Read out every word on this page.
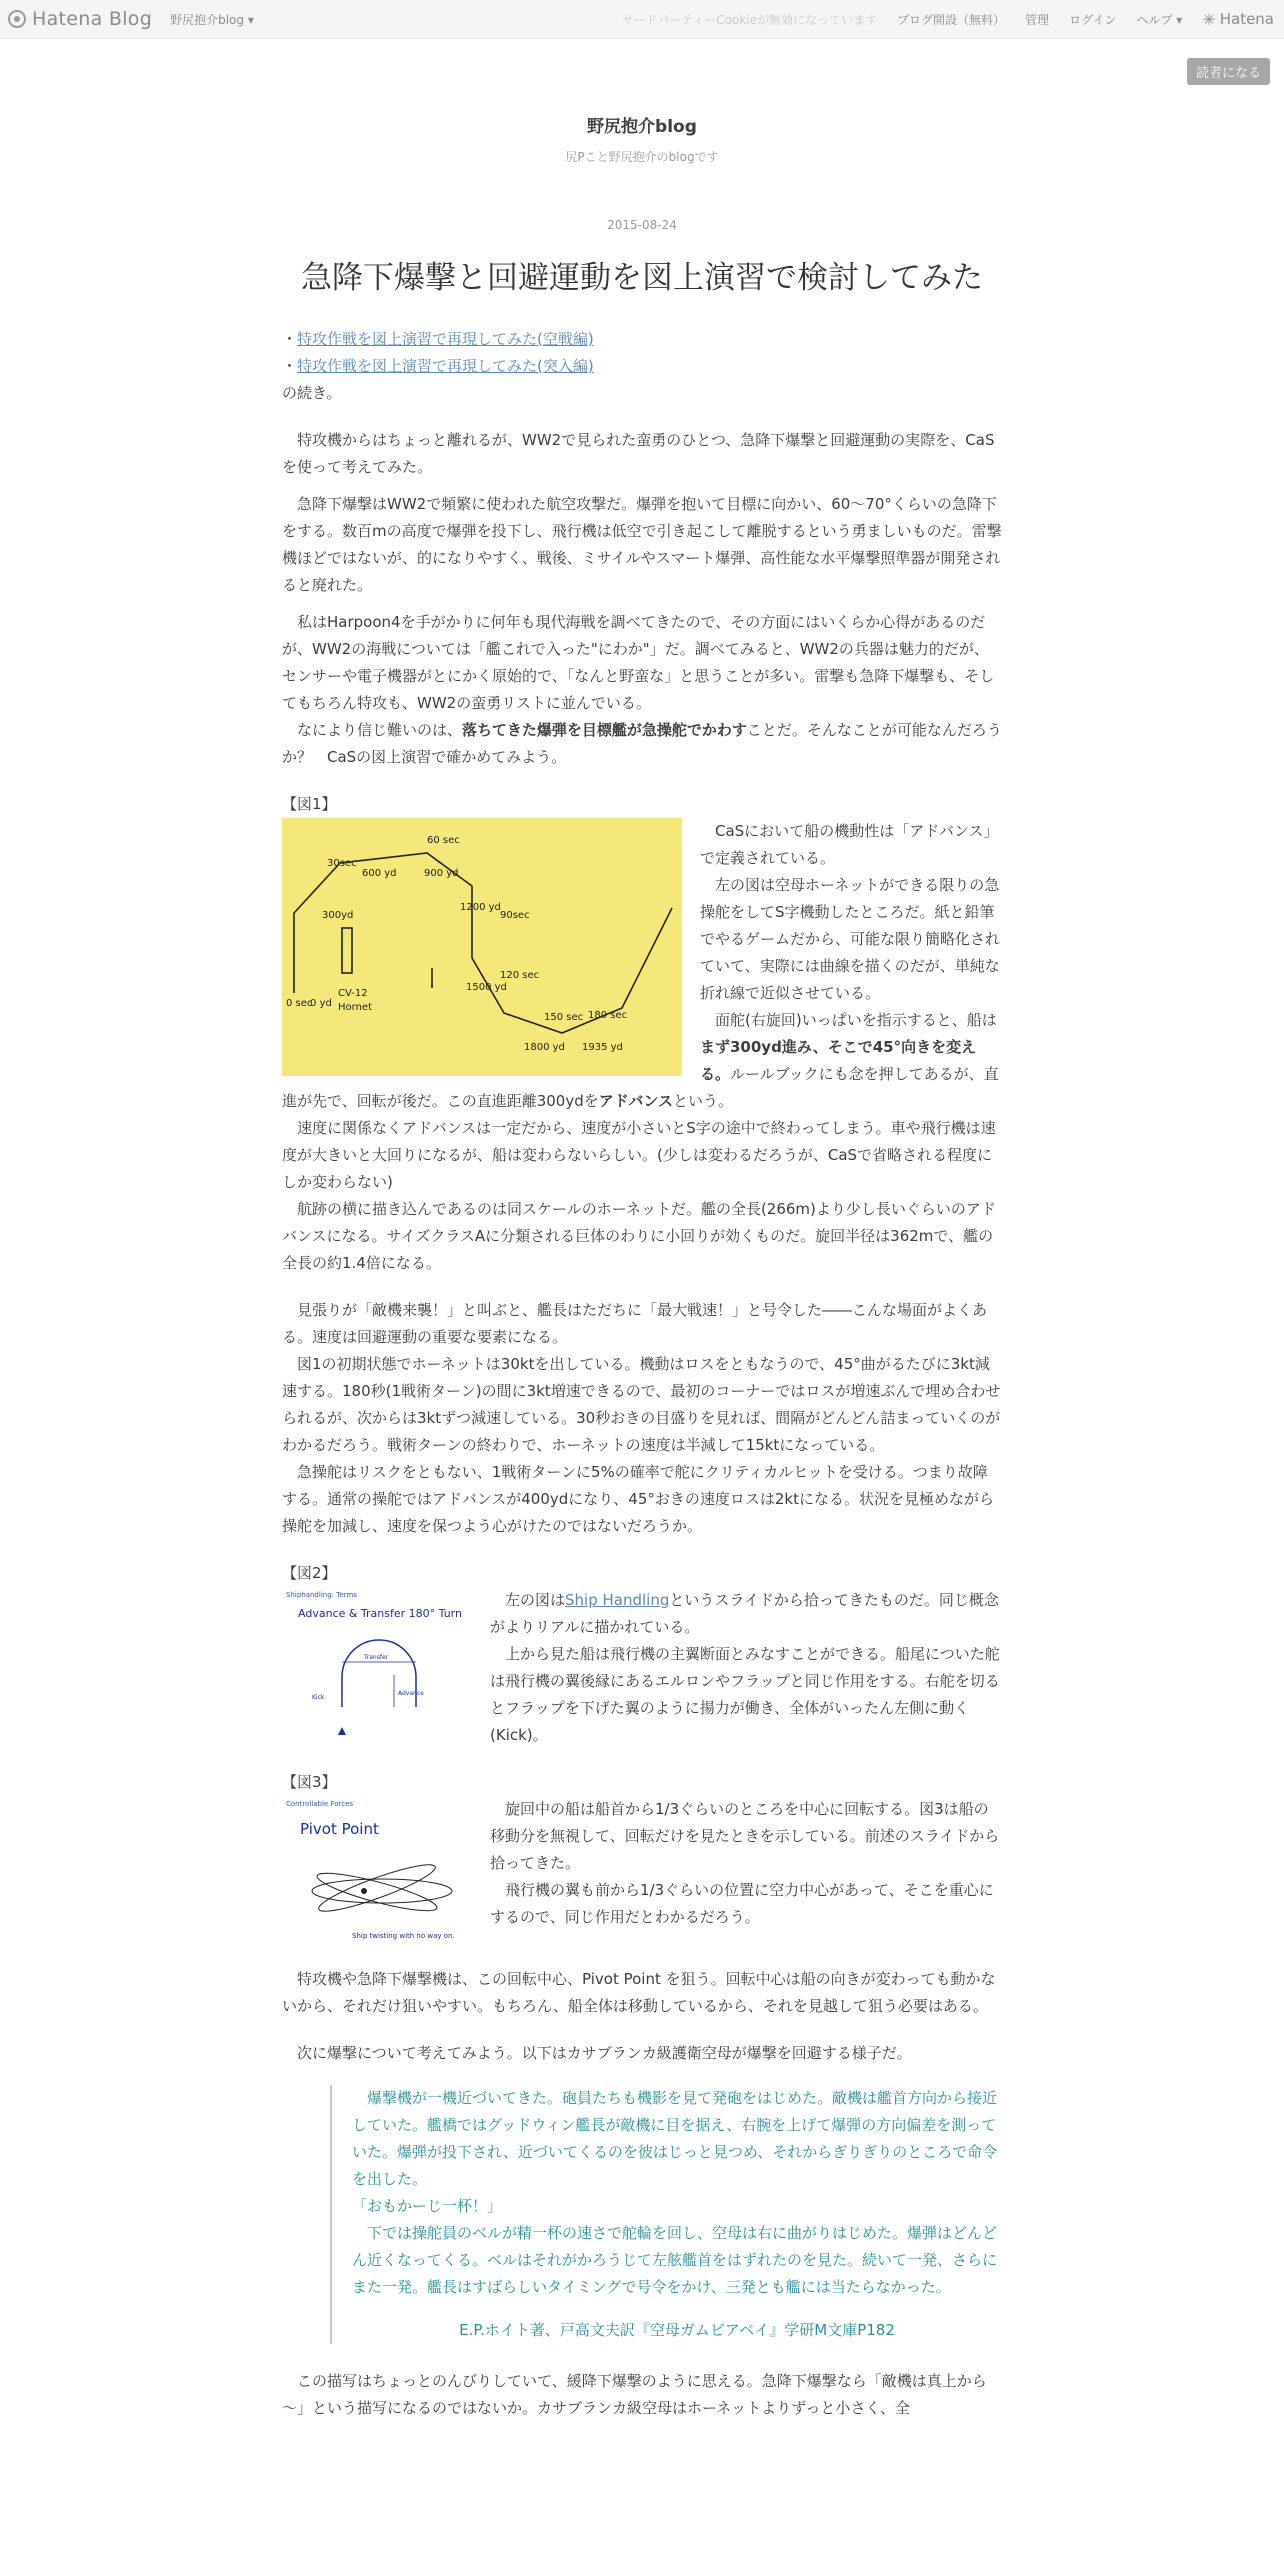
Hatena Blog 野尻抱介blog ▾	サードパーティーCookieが無効になっています ブログ開設（無料） 管理 ログイン ヘルプ ▾ ✳ Hatena
読者になる
野尻抱介blog
尻Pこと野尻抱介のblogです
2015-08-24
急降下爆撃と回避運動を図上演習で検討してみた

・特攻作戦を図上演習で再現してみた(空戦編)

・特攻作戦を図上演習で再現してみた(突入編)

の続き。

　特攻機からはちょっと離れるが、WW2で見られた蛮勇のひとつ、急降下爆撃と回避運動の実際を、CaSを使って考えてみた。

　急降下爆撃はWW2で頻繁に使われた航空攻撃だ。爆弾を抱いて目標に向かい、60～70°くらいの急降下をする。数百mの高度で爆弾を投下し、飛行機は低空で引き起こして離脱するという勇ましいものだ。雷撃機ほどではないが、的になりやすく、戦後、ミサイルやスマート爆弾、高性能な水平爆撃照準器が開発されると廃れた。

　私はHarpoon4を手がかりに何年も現代海戦を調べてきたので、その方面にはいくらか心得があるのだが、WW2の海戦については「艦これで入った"にわか"」だ。調べてみると、WW2の兵器は魅力的だが、センサーや電子機器がとにかく原始的で、「なんと野蛮な」と思うことが多い。雷撃も急降下爆撃も、そしてもちろん特攻も、WW2の蛮勇リストに並んでいる。

　なにより信じ難いのは、落ちてきた爆弾を目標艦が急操舵でかわすことだ。そんなことが可能なんだろうか？　CaSの図上演習で確かめてみよう。

【図1】

60 sec
30sec
600 yd	900 yd
1200 yd
90sec
300yd
0 sec
0 yd
CV-12
Hornet
1500 yd
120 sec
150 sec 180 sec
1800 yd 1935 yd

　CaSにおいて船の機動性は「アドバンス」で定義されている。

　左の図は空母ホーネットができる限りの急操舵をしてS字機動したところだ。紙と鉛筆でやるゲームだから、可能な限り簡略化されていて、実際には曲線を描くのだが、単純な折れ線で近似させている。

　面舵(右旋回)いっぱいを指示すると、船はまず300yd進み、そこで45°向きを変える。ルールブックにも念を押してあるが、直進が先で、回転が後だ。この直進距離300ydをアドバンスという。

　速度に関係なくアドバンスは一定だから、速度が小さいとS字の途中で終わってしまう。車や飛行機は速度が大きいと大回りになるが、船は変わらないらしい。(少しは変わるだろうが、CaSで省略される程度にしか変わらない)

　航跡の横に描き込んであるのは同スケールのホーネットだ。艦の全長(266m)より少し長いぐらいのアドバンスになる。サイズクラスAに分類される巨体のわりに小回りが効くものだ。旋回半径は362mで、艦の全長の約1.4倍になる。

　見張りが「敵機来襲！」と叫ぶと、艦長はただちに「最大戦速！」と号令した――こんな場面がよくある。速度は回避運動の重要な要素になる。

　図1の初期状態でホーネットは30ktを出している。機動はロスをともなうので、45°曲がるたびに3kt減速する。180秒(1戦術ターン)の間に3kt増速できるので、最初のコーナーではロスが増速ぶんで埋め合わせられるが、次からは3ktずつ減速している。30秒おきの目盛りを見れば、間隔がどんどん詰まっていくのがわかるだろう。戦術ターンの終わりで、ホーネットの速度は半減して15ktになっている。

　急操舵はリスクをともない、1戦術ターンに5%の確率で舵にクリティカルヒットを受ける。つまり故障する。通常の操舵ではアドバンスが400ydになり、45°おきの速度ロスは2ktになる。状況を見極めながら操舵を加減し、速度を保つよう心がけたのではないだろうか。

【図2】

Shiphandling: Terms
Advance & Transfer 180° Turn
Transfer
Advance
Kick

　左の図はShip Handlingというスライドから拾ってきたものだ。同じ概念がよりリアルに描かれている。

　上から見た船は飛行機の主翼断面とみなすことができる。船尾についた舵は飛行機の翼後縁にあるエルロンやフラップと同じ作用をする。右舵を切るとフラップを下げた翼のように揚力が働き、全体がいったん左側に動く(Kick)。

【図3】

Controllable Forces
Pivot Point
Ship twisting with no way on.

　旋回中の船は船首から1/3ぐらいのところを中心に回転する。図3は船の移動分を無視して、回転だけを見たときを示している。前述のスライドから拾ってきた。

　飛行機の翼も前から1/3ぐらいの位置に空力中心があって、そこを重心にするので、同じ作用だとわかるだろう。

　特攻機や急降下爆撃機は、この回転中心、Pivot Point を狙う。回転中心は船の向きが変わっても動かないから、それだけ狙いやすい。もちろん、船全体は移動しているから、それを見越して狙う必要はある。

　次に爆撃について考えてみよう。以下はカサブランカ級護衛空母が爆撃を回避する様子だ。

　爆撃機が一機近づいてきた。砲員たちも機影を見て発砲をはじめた。敵機は艦首方向から接近していた。艦橋ではグッドウィン艦長が敵機に目を据え、右腕を上げて爆弾の方向偏差を測っていた。爆弾が投下され、近づいてくるのを彼はじっと見つめ、それからぎりぎりのところで命令を出した。

「おもかーじ一杯！」

　下では操舵員のベルが精一杯の速さで舵輪を回し、空母は右に曲がりはじめた。爆弾はどんどん近くなってくる。ベルはそれがかろうじて左舷艦首をはずれたのを見た。続いて一発、さらにまた一発。艦長はすばらしいタイミングで号令をかけ、三発とも艦には当たらなかった。

E.P.ホイト著、戸高文夫訳『空母ガムビアベイ』学研M文庫P182

　この描写はちょっとのんびりしていて、緩降下爆撃のように思える。急降下爆撃なら「敵機は真上から～」という描写になるのではないか。カサブランカ級空母はホーネットよりずっと小さく、全
